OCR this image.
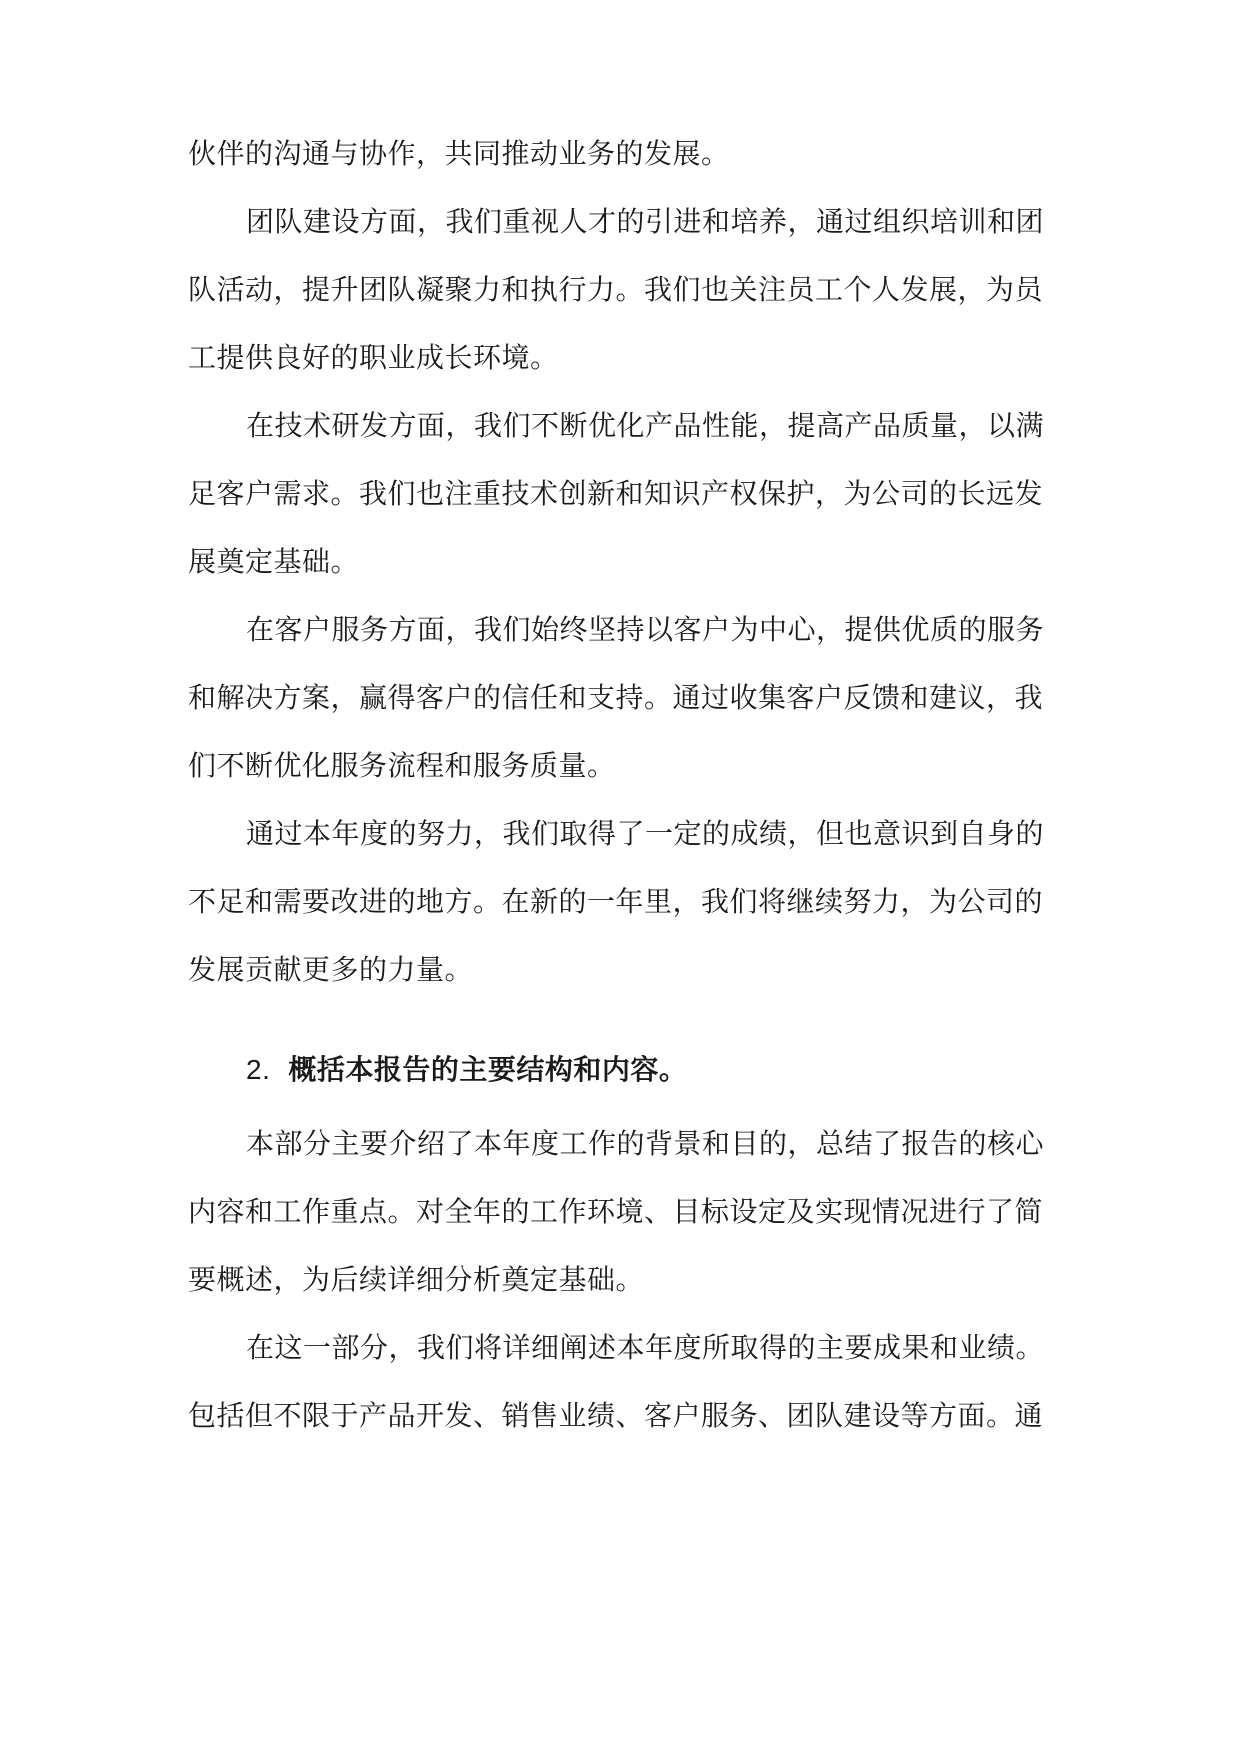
伙伴的沟通与协作，共同推动业务的发展。
团队建设方面，我们重视人才的引进和培养，通过组织培训和团
队活动，提升团队凝聚力和执行力。我们也关注员工个人发展，为员
工提供良好的职业成长环境。
在技术研发方面，我们不断优化产品性能，提高产品质量，以满
足客户需求。我们也注重技术创新和知识产权保护，为公司的长远发
展奠定基础。
在客户服务方面，我们始终坚持以客户为中心，提供优质的服务
和解决方案，赢得客户的信任和支持。通过收集客户反馈和建议，我
们不断优化服务流程和服务质量。
通过本年度的努力，我们取得了一定的成绩，但也意识到自身的
不足和需要改进的地方。在新的一年里，我们将继续努力，为公司的
发展贡献更多的力量。
2. 概括本报告的主要结构和内容。
本部分主要介绍了本年度工作的背景和目的，总结了报告的核心
内容和工作重点。对全年的工作环境、目标设定及实现情况进行了简
要概述，为后续详细分析奠定基础。
在这一部分，我们将详细阐述本年度所取得的主要成果和业绩。
包括但不限于产品开发、销售业绩、客户服务、团队建设等方面。通
